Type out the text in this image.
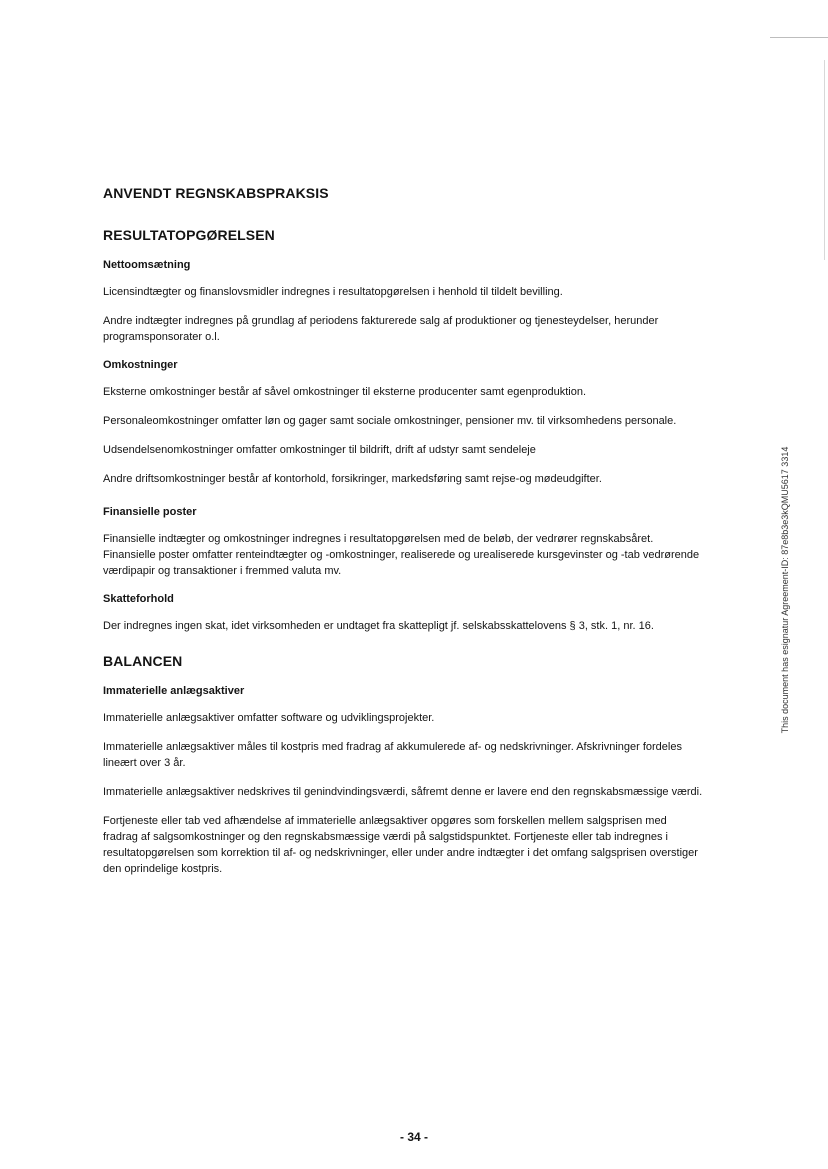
ANVENDT REGNSKABSPRAKSIS
RESULTATOPGØRELSEN
Nettoomsætning

Licensindtægter og finanslovsmidler indregnes i resultatopgørelsen i henhold til tildelt bevilling.

Andre indtægter indregnes på grundlag af periodens fakturerede salg af produktioner og tjenesteydelser, herunder programsponsorater o.l.

Omkostninger

Eksterne omkostninger består af såvel omkostninger til eksterne producenter samt egenproduktion.

Personaleomkostninger omfatter løn og gager samt sociale omkostninger, pensioner mv. til virksomhedens personale.

Udsendelsenomkostninger omfatter omkostninger til bildrift, drift af udstyr samt sendeleje

Andre driftsomkostninger består af kontorhold, forsikringer, markedsføring samt rejse-og mødeudgifter.

Finansielle poster

Finansielle indtægter og omkostninger indregnes i resultatopgørelsen med de beløb, der vedrører regnskabsåret. Finansielle poster omfatter renteindtægter og -omkostninger, realiserede og urealiserede kursgevinster og -tab vedrørende værdipapir og transaktioner i fremmed valuta mv.

Skatteforhold

Der indregnes ingen skat, idet virksomheden er undtaget fra skattepligt jf. selskabsskattelovens § 3, stk. 1, nr. 16.

BALANCEN
Immaterielle anlægsaktiver

Immaterielle anlægsaktiver omfatter software og udviklingsprojekter.

Immaterielle anlægsaktiver måles til kostpris med fradrag af akkumulerede af- og nedskrivninger. Afskrivninger fordeles lineært over 3 år.

Immaterielle anlægsaktiver nedskrives til genindvindingsværdi, såfremt denne er lavere end den regnskabsmæssige værdi.

Fortjeneste eller tab ved afhændelse af immaterielle anlægsaktiver opgøres som forskellen mellem salgsprisen med fradrag af salgsomkostninger og den regnskabsmæssige værdi på salgstidspunktet. Fortjeneste eller tab indregnes i resultatopgørelsen som korrektion til af- og nedskrivninger, eller under andre indtægter i det omfang salgsprisen overstiger den oprindelige kostpris.

This document has esignatur Agreement-ID: 87e8b3e3kQMU5617 3314
- 34 -
